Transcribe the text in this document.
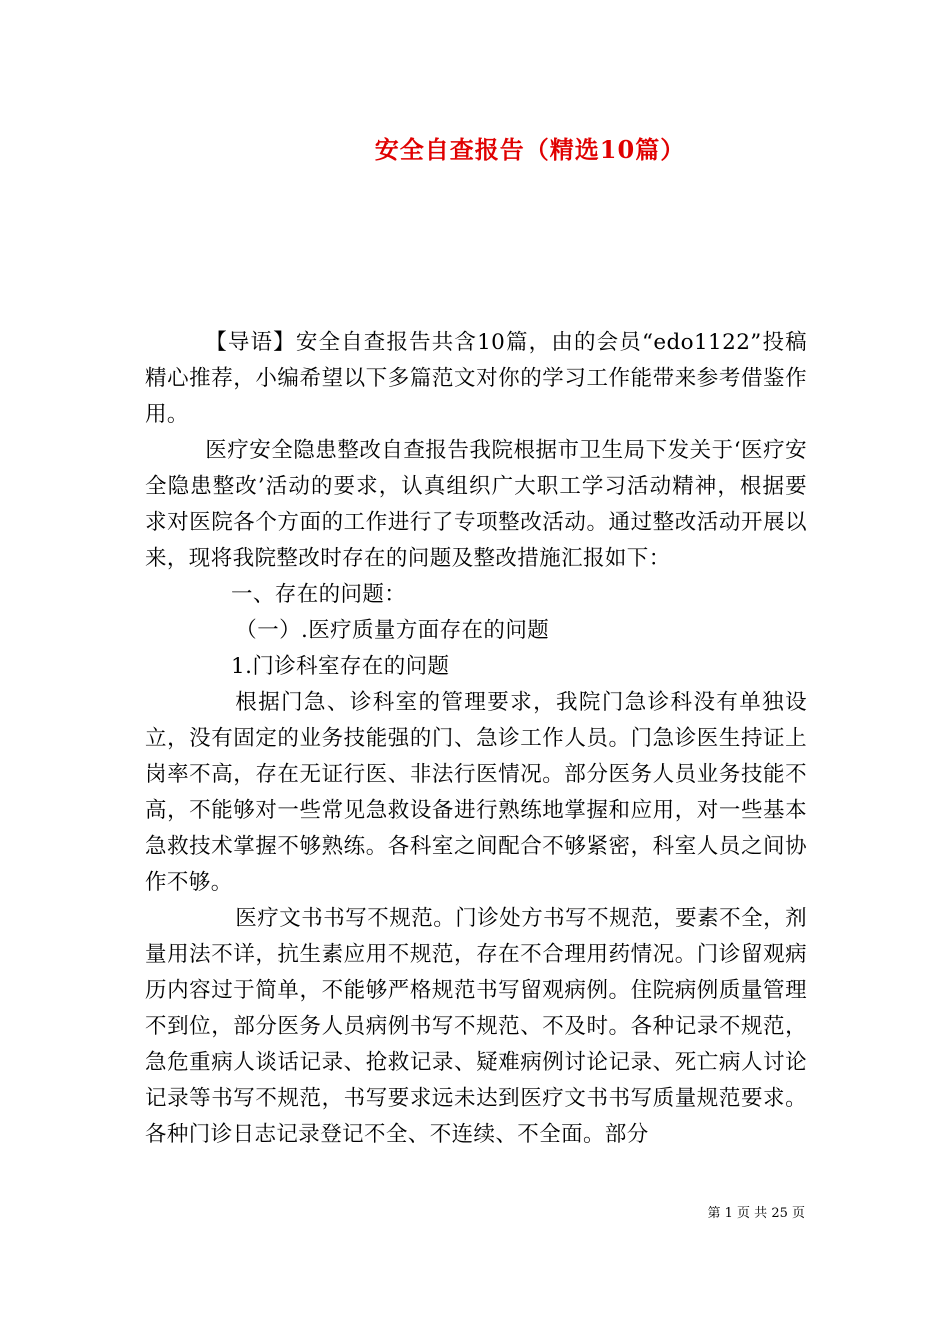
安全自查报告（精选10篇）

【导语】安全自查报告共含10篇，由的会员“edo1122”投稿精心推荐，小编希望以下多篇范文对你的学习工作能带来参考借鉴作用。

医疗安全隐患整改自查报告我院根据市卫生局下发关于‘医疗安全隐患整改’活动的要求，认真组织广大职工学习活动精神，根据要求对医院各个方面的工作进行了专项整改活动。通过整改活动开展以来，现将我院整改时存在的问题及整改措施汇报如下：

一、存在的问题：

（一）.医疗质量方面存在的问题

1.门诊科室存在的问题

根据门急、诊科室的管理要求，我院门急诊科没有单独设立，没有固定的业务技能强的门、急诊工作人员。门急诊医生持证上岗率不高，存在无证行医、非法行医情况。部分医务人员业务技能不高，不能够对一些常见急救设备进行熟练地掌握和应用，对一些基本急救技术掌握不够熟练。各科室之间配合不够紧密，科室人员之间协作不够。

医疗文书书写不规范。门诊处方书写不规范，要素不全，剂量用法不详，抗生素应用不规范，存在不合理用药情况。门诊留观病历内容过于简单，不能够严格规范书写留观病例。住院病例质量管理不到位，部分医务人员病例书写不规范、不及时。各种记录不规范，急危重病人谈话记录、抢救记录、疑难病例讨论记录、死亡病人讨论记录等书写不规范，书写要求远未达到医疗文书书写质量规范要求。各种门诊日志记录登记不全、不连续、不全面。部分

第 1 页 共 25 页
